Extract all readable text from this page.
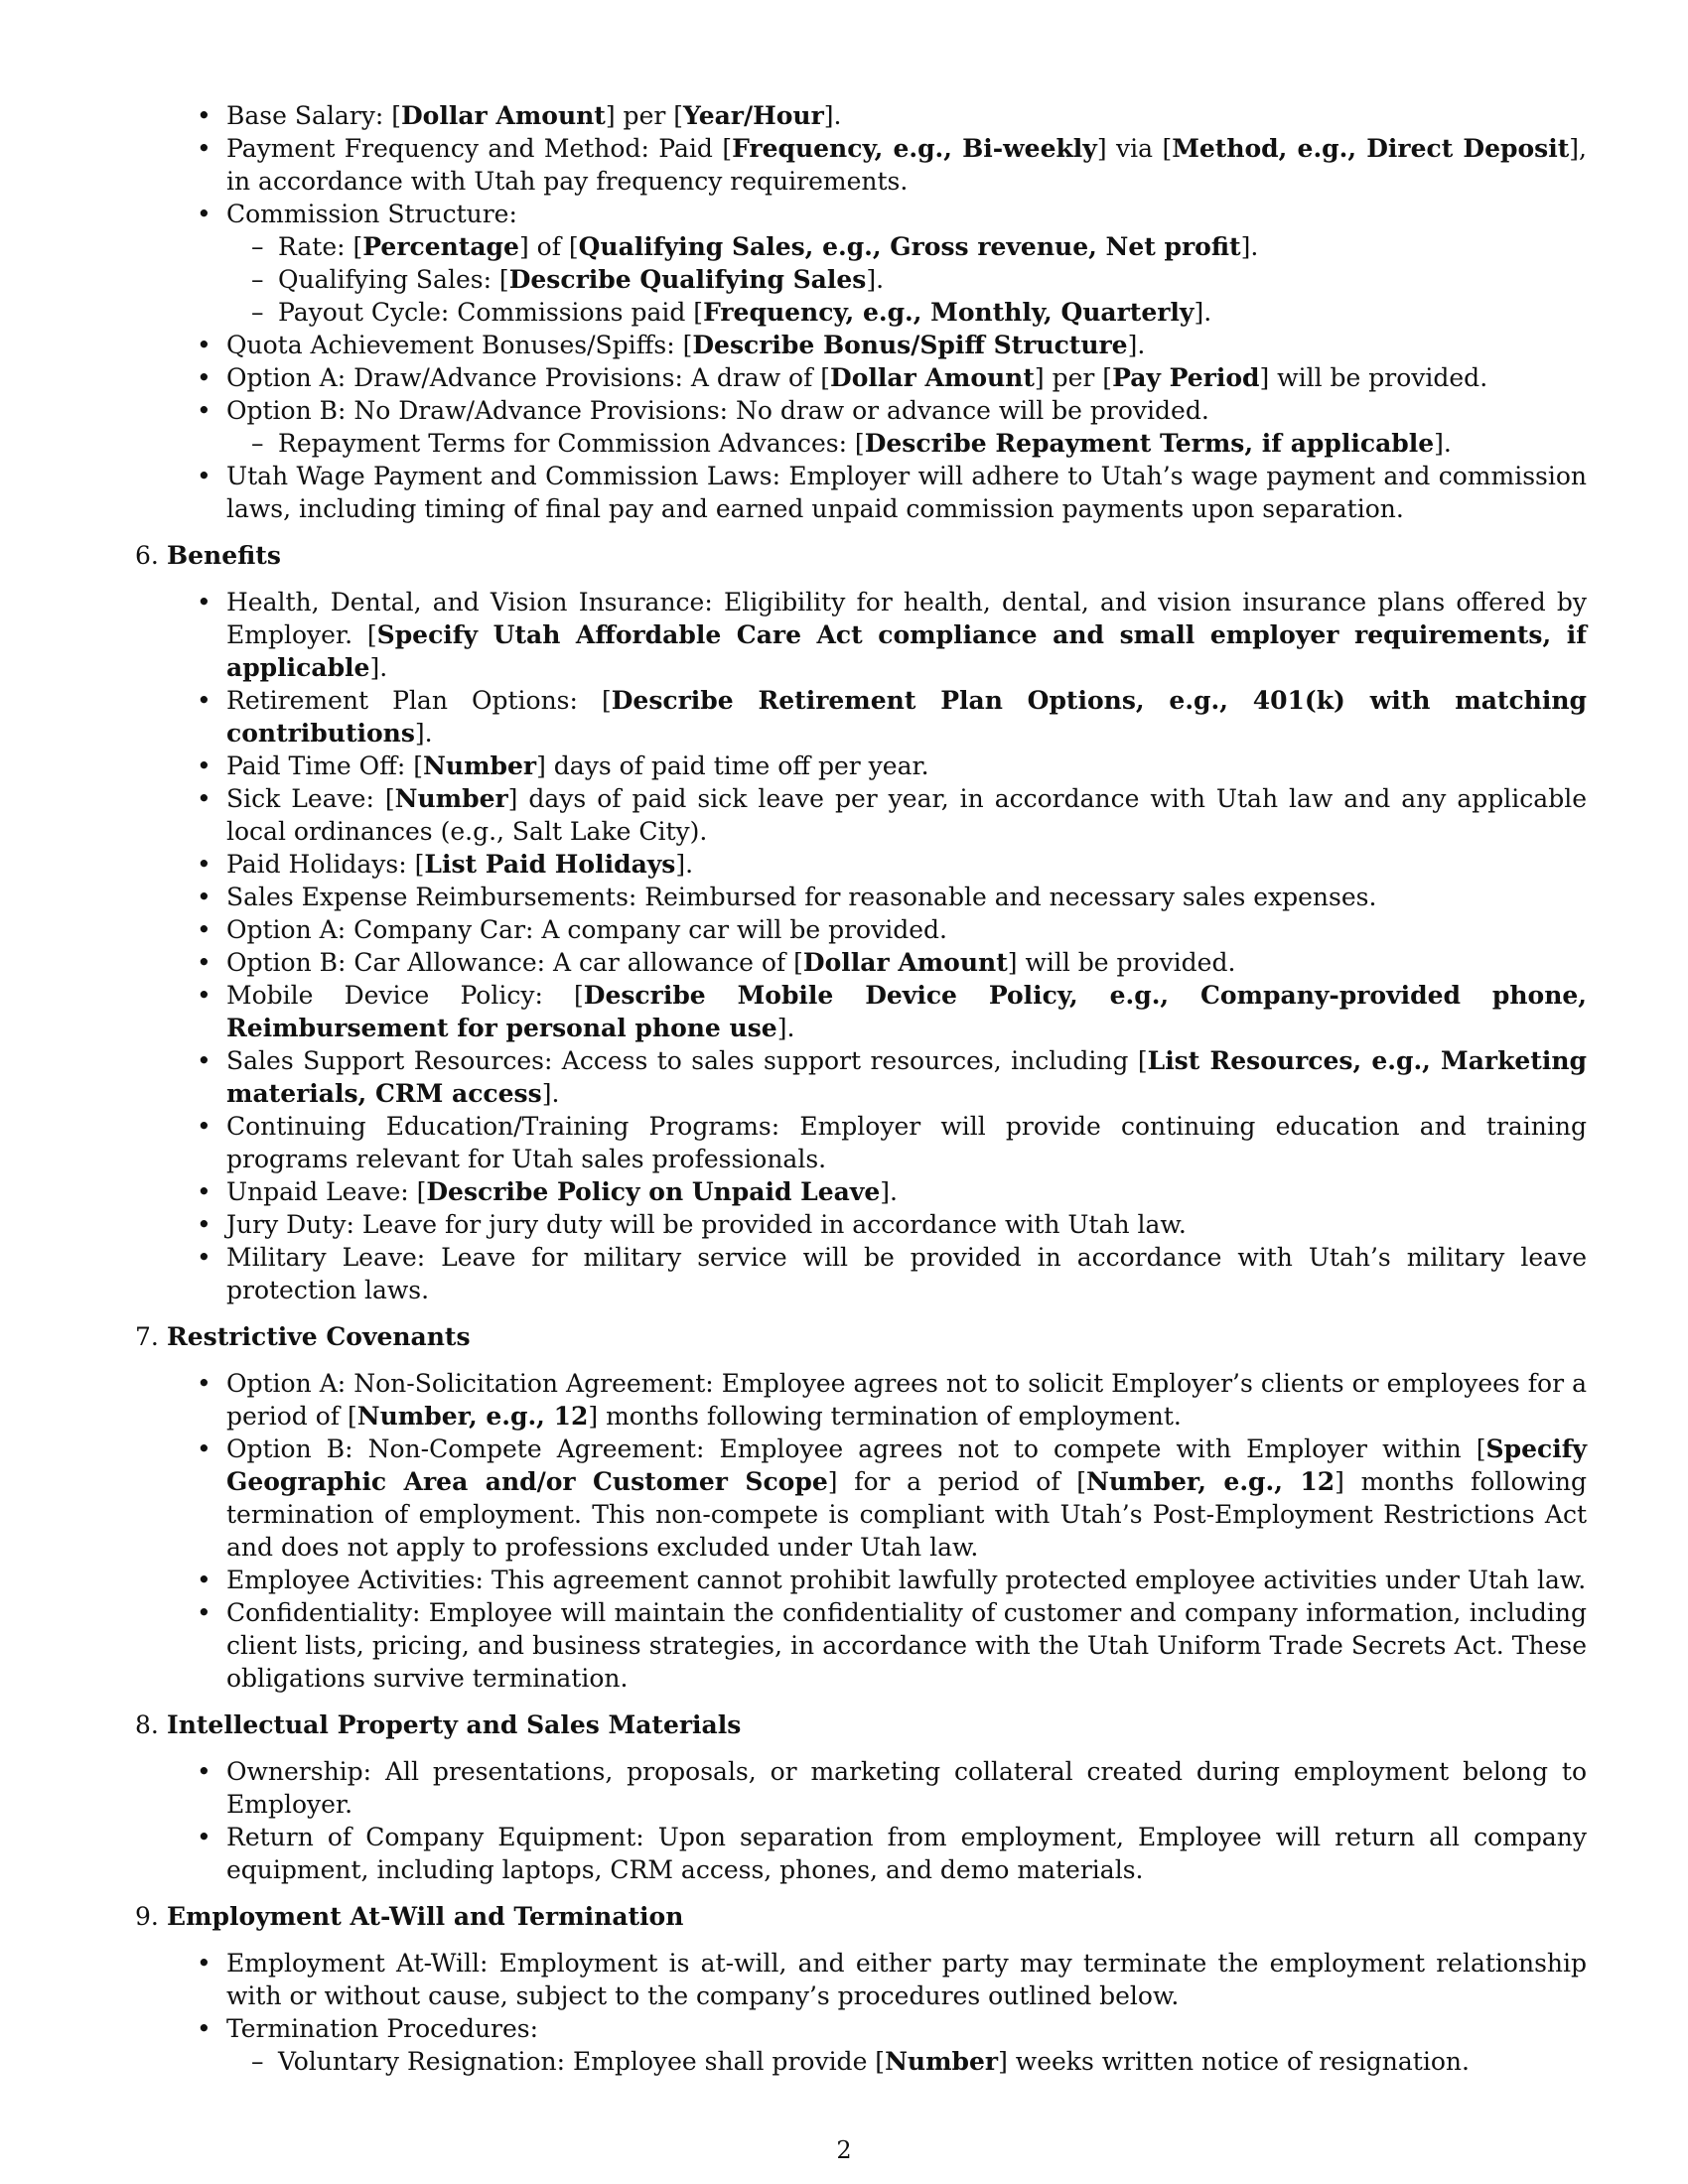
• Base Salary: [Dollar Amount] per [Year/Hour].
• Payment Frequency and Method: Paid [Frequency, e.g., Bi-weekly] via [Method, e.g., Direct Deposit], in accordance with Utah pay frequency requirements.
• Commission Structure:
– Rate: [Percentage] of [Qualifying Sales, e.g., Gross revenue, Net profit].
– Qualifying Sales: [Describe Qualifying Sales].
– Payout Cycle: Commissions paid [Frequency, e.g., Monthly, Quarterly].
• Quota Achievement Bonuses/Spiffs: [Describe Bonus/Spiff Structure].
• Option A: Draw/Advance Provisions: A draw of [Dollar Amount] per [Pay Period] will be provided.
• Option B: No Draw/Advance Provisions: No draw or advance will be provided.
– Repayment Terms for Commission Advances: [Describe Repayment Terms, if applicable].
• Utah Wage Payment and Commission Laws: Employer will adhere to Utah’s wage payment and commission laws, including timing of final pay and earned unpaid commission payments upon separation.
6. Benefits
• Health, Dental, and Vision Insurance: Eligibility for health, dental, and vision insurance plans offered by Employer. [Specify Utah Affordable Care Act compliance and small employer requirements, if applicable].
• Retirement Plan Options: [Describe Retirement Plan Options, e.g., 401(k) with matching contributions].
• Paid Time Off: [Number] days of paid time off per year.
• Sick Leave: [Number] days of paid sick leave per year, in accordance with Utah law and any applicable local ordinances (e.g., Salt Lake City).
• Paid Holidays: [List Paid Holidays].
• Sales Expense Reimbursements: Reimbursed for reasonable and necessary sales expenses.
• Option A: Company Car: A company car will be provided.
• Option B: Car Allowance: A car allowance of [Dollar Amount] will be provided.
• Mobile Device Policy: [Describe Mobile Device Policy, e.g., Company-provided phone, Reimbursement for personal phone use].
• Sales Support Resources: Access to sales support resources, including [List Resources, e.g., Marketing materials, CRM access].
• Continuing Education/Training Programs: Employer will provide continuing education and training programs relevant for Utah sales professionals.
• Unpaid Leave: [Describe Policy on Unpaid Leave].
• Jury Duty: Leave for jury duty will be provided in accordance with Utah law.
• Military Leave: Leave for military service will be provided in accordance with Utah’s military leave protection laws.
7. Restrictive Covenants
• Option A: Non-Solicitation Agreement: Employee agrees not to solicit Employer’s clients or employees for a period of [Number, e.g., 12] months following termination of employment.
• Option B: Non-Compete Agreement: Employee agrees not to compete with Employer within [Specify Geographic Area and/or Customer Scope] for a period of [Number, e.g., 12] months following termination of employment. This non-compete is compliant with Utah’s Post-Employment Restrictions Act and does not apply to professions excluded under Utah law.
• Employee Activities: This agreement cannot prohibit lawfully protected employee activities under Utah law.
• Confidentiality: Employee will maintain the confidentiality of customer and company information, including client lists, pricing, and business strategies, in accordance with the Utah Uniform Trade Secrets Act. These obligations survive termination.
8. Intellectual Property and Sales Materials
• Ownership: All presentations, proposals, or marketing collateral created during employment belong to Employer.
• Return of Company Equipment: Upon separation from employment, Employee will return all company equipment, including laptops, CRM access, phones, and demo materials.
9. Employment At-Will and Termination
• Employment At-Will: Employment is at-will, and either party may terminate the employment relationship with or without cause, subject to the company’s procedures outlined below.
• Termination Procedures:
– Voluntary Resignation: Employee shall provide [Number] weeks written notice of resignation.
2
